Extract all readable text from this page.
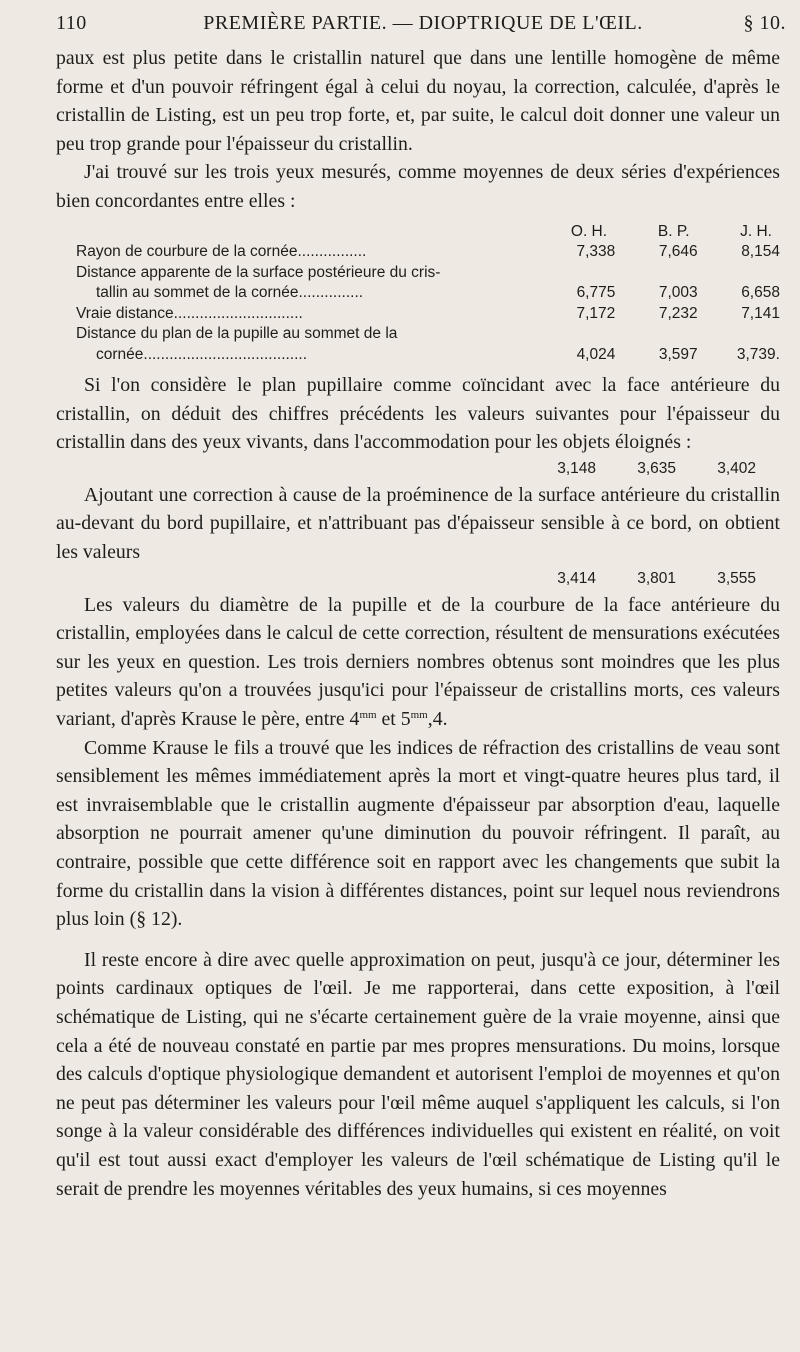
110	PREMIÈRE PARTIE. — DIOPTRIQUE DE L'ŒIL.	§ 10.

paux est plus petite dans le cristallin naturel que dans une lentille homogène de même forme et d'un pouvoir réfringent égal à celui du noyau, la correction, calculée, d'après le cristallin de Listing, est un peu trop forte, et, par suite, le calcul doit donner une valeur un peu trop grande pour l'épaisseur du cristallin.

J'ai trouvé sur les trois yeux mesurés, comme moyennes de deux séries d'expériences bien concordantes entre elles :

O. H.	B. P.	J. H.
Rayon de courbure de la cornée................	7,338	7,646	8,154
Distance apparente de la surface postérieure du cris-
tallin au sommet de la cornée...............	6,775	7,003	6,658
Vraie distance..............................	7,172	7,232	7,141
Distance du plan de la pupille au sommet de la
cornée......................................	4,024	3,597	3,739.

Si l'on considère le plan pupillaire comme coïncidant avec la face antérieure du cristallin, on déduit des chiffres précédents les valeurs suivantes pour l'épaisseur du cristallin dans des yeux vivants, dans l'accommodation pour les objets éloignés :

3,148	3,635	3,402

Ajoutant une correction à cause de la proéminence de la surface antérieure du cristallin au-devant du bord pupillaire, et n'attribuant pas d'épaisseur sensible à ce bord, on obtient les valeurs

3,414	3,801	3,555

Les valeurs du diamètre de la pupille et de la courbure de la face antérieure du cristallin, employées dans le calcul de cette correction, résultent de mensurations exécutées sur les yeux en question. Les trois derniers nombres obtenus sont moindres que les plus petites valeurs qu'on a trouvées jusqu'ici pour l'épaisseur de cristallins morts, ces valeurs variant, d'après Krause le père, entre $4^{mm}$ et $5^{mm},4$.

Comme Krause le fils a trouvé que les indices de réfraction des cristallins de veau sont sensiblement les mêmes immédiatement après la mort et vingt-quatre heures plus tard, il est invraisemblable que le cristallin augmente d'épaisseur par absorption d'eau, laquelle absorption ne pourrait amener qu'une diminution du pouvoir réfringent. Il paraît, au contraire, possible que cette différence soit en rapport avec les changements que subit la forme du cristallin dans la vision à différentes distances, point sur lequel nous reviendrons plus loin (§ 12).

Il reste encore à dire avec quelle approximation on peut, jusqu'à ce jour, déterminer les points cardinaux optiques de l'œil. Je me rapporterai, dans cette exposition, à l'œil schématique de Listing, qui ne s'écarte certainement guère de la vraie moyenne, ainsi que cela a été de nouveau constaté en partie par mes propres mensurations. Du moins, lorsque des calculs d'optique physiologique demandent et autorisent l'emploi de moyennes et qu'on ne peut pas déterminer les valeurs pour l'œil même auquel s'appliquent les calculs, si l'on songe à la valeur considérable des différences individuelles qui existent en réalité, on voit qu'il est tout aussi exact d'employer les valeurs de l'œil schématique de Listing qu'il le serait de prendre les moyennes véritables des yeux humains, si ces moyennes
